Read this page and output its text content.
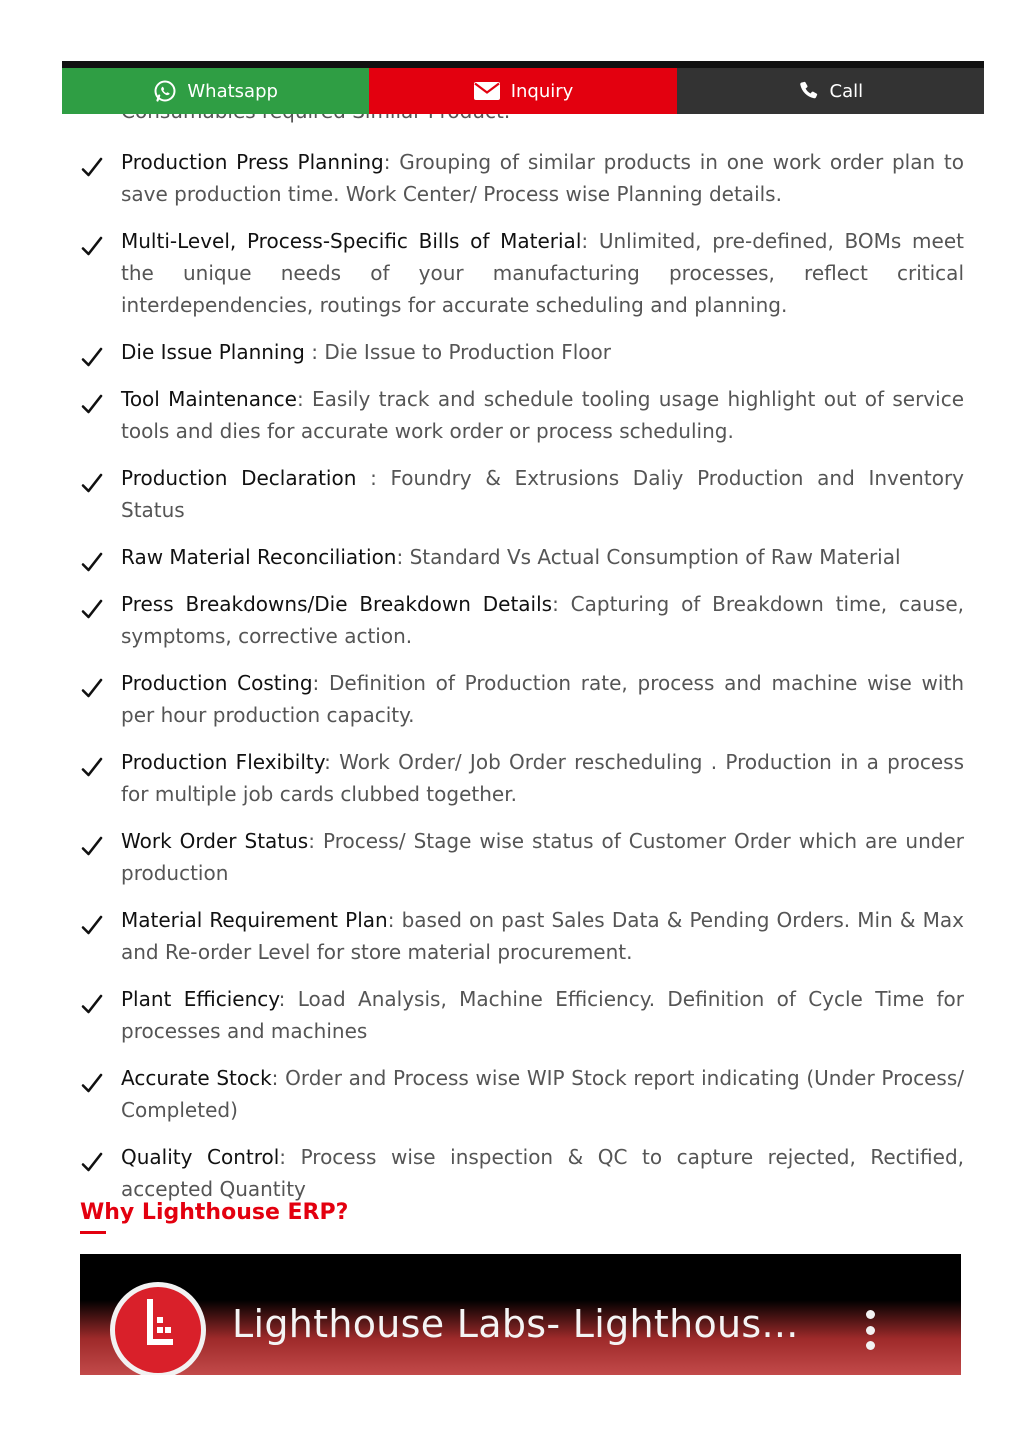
Whatsapp	Inquiry	Call
Production Press Planning: Grouping of similar products in one work order plan to save production time. Work Center/ Process wise Planning details.
Multi-Level, Process-Specific Bills of Material: Unlimited, pre-defined, BOMs meet the unique needs of your manufacturing processes, reflect critical interdependencies, routings for accurate scheduling and planning.
Die Issue Planning : Die Issue to Production Floor
Tool Maintenance: Easily track and schedule tooling usage highlight out of service tools and dies for accurate work order or process scheduling.
Production Declaration : Foundry & Extrusions Daliy Production and Inventory Status
Raw Material Reconciliation: Standard Vs Actual Consumption of Raw Material
Press Breakdowns/Die Breakdown Details: Capturing of Breakdown time, cause, symptoms, corrective action.
Production Costing: Definition of Production rate, process and machine wise with per hour production capacity.
Production Flexibilty: Work Order/ Job Order rescheduling . Production in a process for multiple job cards clubbed together.
Work Order Status: Process/ Stage wise status of Customer Order which are under production
Material Requirement Plan: based on past Sales Data & Pending Orders. Min & Max and Re-order Level for store material procurement.
Plant Efficiency: Load Analysis, Machine Efficiency. Definition of Cycle Time for processes and machines
Accurate Stock: Order and Process wise WIP Stock report indicating (Under Process/ Completed)
Quality Control: Process wise inspection & QC to capture rejected, Rectified, accepted Quantity
Why Lighthouse ERP?
Lighthouse Labs- Lighthous...
